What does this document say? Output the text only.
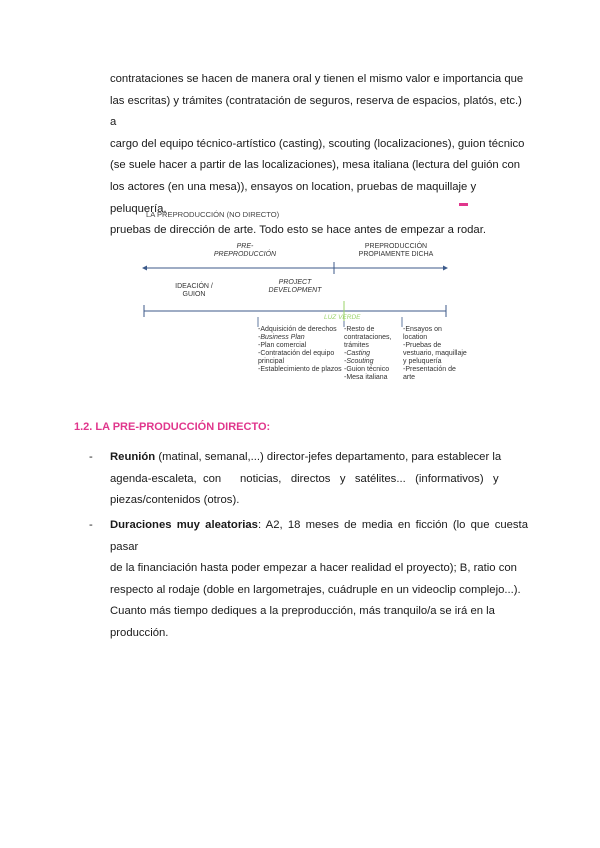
contrataciones se hacen de manera oral y tienen el mismo valor e importancia que
las escritas) y trámites (contratación de seguros, reserva de espacios, platós, etc.) a
cargo del equipo técnico-artístico (casting), scouting (localizaciones), guion técnico
(se suele hacer a partir de las localizaciones), mesa italiana (lectura del guión con
los actores (en una mesa)), ensayos on location, pruebas de maquillaje y peluquería,
pruebas de dirección de arte. Todo esto se hace antes de empezar a rodar.

LA PREPRODUCCIÓN (NO DIRECTO)

PRE-
PREPRODUCCIÓN

PREPRODUCCIÓN
PROPIAMENTE DICHA

IDEACIÓN /
GUION

PROJECT
DEVELOPMENT

LUZ VERDE

-Adquisición de derechos
-Business Plan
-Plan comercial
-Contratación del equipo principal
-Establecimiento de plazos
-Resto de contrataciones, trámites
-Casting
-Scouting
-Guion técnico
-Mesa italiana
-Ensayos on location
-Pruebas de vestuario, maquillaje y peluquería
-Presentación de arte

1.2. LA PRE-PRODUCCIÓN DIRECTO:

- Reunión (matinal, semanal,...) director-jefes departamento, para establecer la
agenda-escaleta,  con      noticias,   directos   y   satélites...   (informativos)   y
piezas/contenidos (otros).

- Duraciones muy aleatorias: A2, 18 meses de media en ficción (lo que cuesta pasar
de la financiación hasta poder empezar a hacer realidad el proyecto); B, ratio con
respecto al rodaje (doble en largometrajes, cuádruple en un videoclip complejo...).
Cuanto más tiempo dediques a la preproducción, más tranquilo/a se irá en la
producción.
